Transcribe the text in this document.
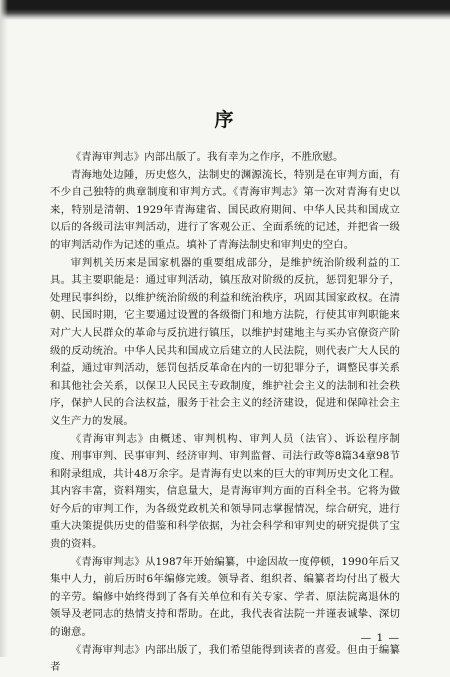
序

《青海审判志》内部出版了。我有幸为之作序，不胜欣慰。

青海地处边陲，历史悠久，法制史的渊源流长，特别是在审判方面，有不少自己独特的典章制度和审判方式。《青海审判志》第一次对青海有史以来，特别是清朝、1929年青海建省、国民政府期间、中华人民共和国成立以后的各级司法审判活动，进行了客观公正、全面系统的记述，并把省一级的审判活动作为记述的重点。填补了青海法制史和审判史的空白。

审判机关历来是国家机器的重要组成部分，是维护统治阶级利益的工具。其主要职能是：通过审判活动，镇压敌对阶级的反抗，惩罚犯罪分子，处理民事纠纷，以维护统治阶级的利益和统治秩序，巩固其国家政权。在清朝、民国时期，它主要通过设置的各级衙门和地方法院，行使其审判职能来对广大人民群众的革命与反抗进行镇压，以维护封建地主与买办官僚资产阶级的反动统治。中华人民共和国成立后建立的人民法院，则代表广大人民的利益，通过审判活动，惩罚包括反革命在内的一切犯罪分子，调整民事关系和其他社会关系，以保卫人民民主专政制度，维护社会主义的法制和社会秩序，保护人民的合法权益，服务于社会主义的经济建设，促进和保障社会主义生产力的发展。

《青海审判志》由概述、审判机构、审判人员（法官）、诉讼程序制度、刑事审判、民事审判、经济审判、审判监督、司法行政等8篇34章98节和附录组成，共计48万余字。是青海有史以来的巨大的审判历史文化工程。其内容丰富，资料翔实，信息量大，是青海审判方面的百科全书。它将为做好今后的审判工作，为各级党政机关和领导同志掌握情况，综合研究，进行重大决策提供历史的借鉴和科学依据，为社会科学和审判史的研究提供了宝贵的资料。

《青海审判志》从1987年开始编纂，中途因故一度停顿，1990年后又集中人力，前后历时6年编修完竣。领导者、组织者、编纂者均付出了极大的辛劳。编修中始终得到了各有关单位和有关专家、学者、原法院离退休的领导及老同志的热情支持和帮助。在此，我代表省法院一并谨表诚挚、深切的谢意。

《青海审判志》内部出版了，我们希望能得到读者的喜爱。但由于编纂者

— 1 —
